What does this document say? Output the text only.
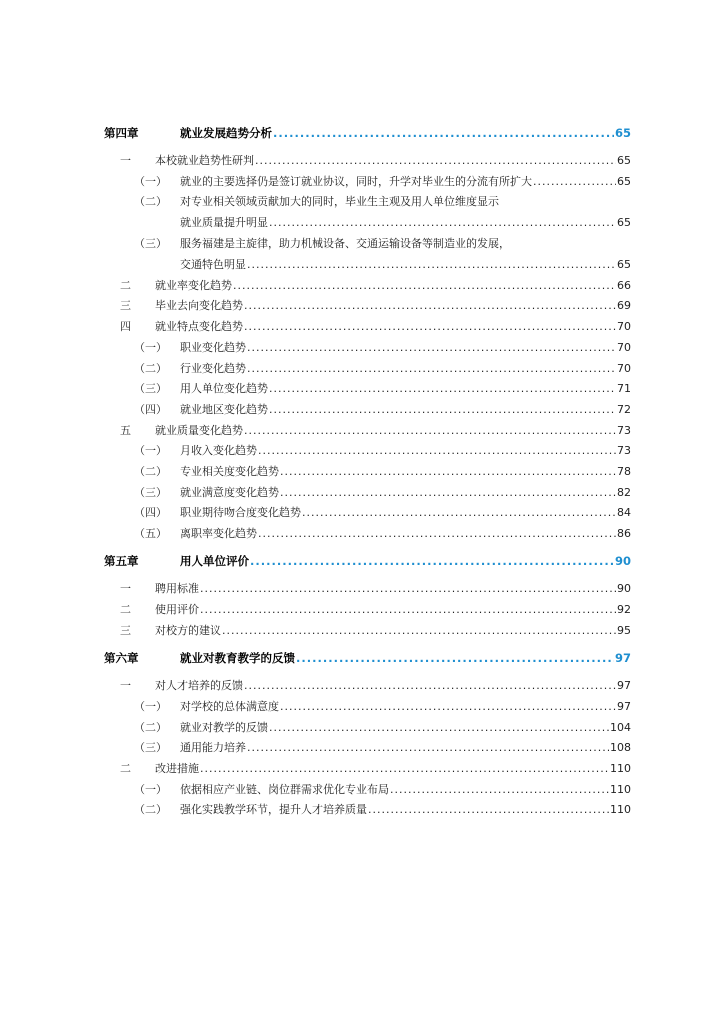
第四章	就业发展趋势分析 .....	65
一 本校就业趋势性研判 .....	65
（一） 就业的主要选择仍是签订就业协议，同时，升学对毕业生的分流有所扩大 .....	65
（二） 对专业相关领域贡献加大的同时，毕业生主观及用人单位维度显示
就业质量提升明显 .....	65
（三） 服务福建是主旋律，助力机械设备、交通运输设备等制造业的发展，
交通特色明显 .....	65
二 就业率变化趋势 .....	66
三 毕业去向变化趋势 .....	69
四 就业特点变化趋势 .....	70
（一） 职业变化趋势 .....	70
（二） 行业变化趋势 .....	70
（三） 用人单位变化趋势 .....	71
（四） 就业地区变化趋势 .....	72
五 就业质量变化趋势 .....	73
（一） 月收入变化趋势 .....	73
（二） 专业相关度变化趋势 .....	78
（三） 就业满意度变化趋势 .....	82
（四） 职业期待吻合度变化趋势 .....	84
（五） 离职率变化趋势 .....	86
第五章	用人单位评价 .....	90
一 聘用标准 .....	90
二 使用评价 .....	92
三 对校方的建议 .....	95
第六章	就业对教育教学的反馈 .....	97
一 对人才培养的反馈 .....	97
（一） 对学校的总体满意度 .....	97
（二） 就业对教学的反馈 .....	104
（三） 通用能力培养 .....	108
二 改进措施 .....	110
（一） 依据相应产业链、岗位群需求优化专业布局 .....	110
（二） 强化实践教学环节，提升人才培养质量 .....	110
